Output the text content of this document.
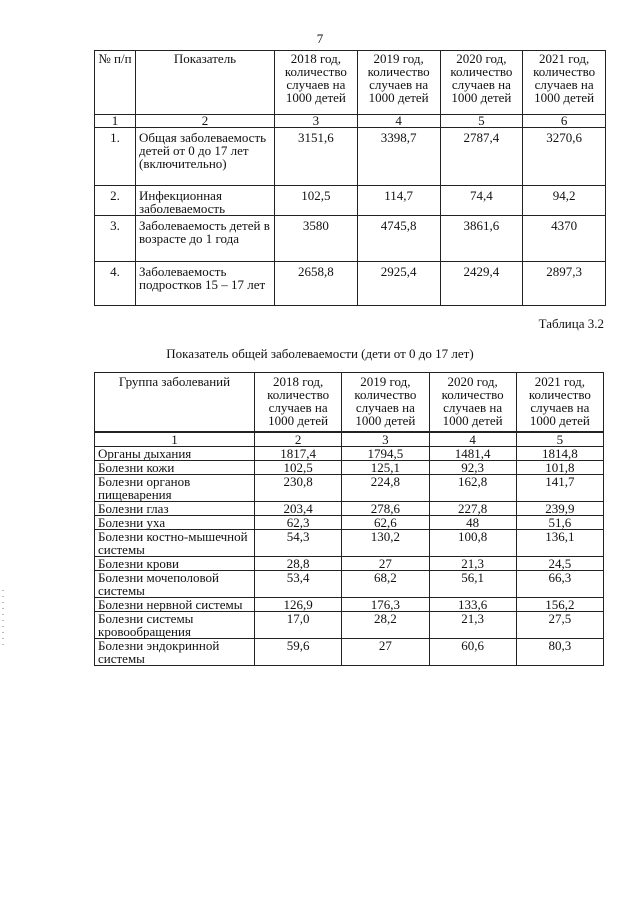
7
№ п/п	Показатель	2018 год, количество случаев на 1000 детей	2019 год, количество случаев на 1000 детей	2020 год, количество случаев на 1000 детей	2021 год, количество случаев на 1000 детей
1	2	3	4	5	6
1.	Общая заболеваемость детей от 0 до 17 лет (включительно)	3151,6	3398,7	2787,4	3270,6
2.	Инфекционная заболеваемость	102,5	114,7	74,4	94,2
3.	Заболеваемость детей в возрасте до 1 года	3580	4745,8	3861,6	4370
4.	Заболеваемость подростков 15 – 17 лет	2658,8	2925,4	2429,4	2897,3
Таблица 3.2
Показатель общей заболеваемости (дети от 0 до 17 лет)
Группа заболеваний	2018 год, количество случаев на 1000 детей	2019 год, количество случаев на 1000 детей	2020 год, количество случаев на 1000 детей	2021 год, количество случаев на 1000 детей
1	2	3	4	5
Органы дыхания	1817,4	1794,5	1481,4	1814,8
Болезни кожи	102,5	125,1	92,3	101,8
Болезни органов пищеварения	230,8	224,8	162,8	141,7
Болезни глаз	203,4	278,6	227,8	239,9
Болезни уха	62,3	62,6	48	51,6
Болезни костно-мышечной системы	54,3	130,2	100,8	136,1
Болезни крови	28,8	27	21,3	24,5
Болезни мочеполовой системы	53,4	68,2	56,1	66,3
Болезни нервной системы	126,9	176,3	133,6	156,2
Болезни системы кровообращения	17,0	28,2	21,3	27,5
Болезни эндокринной системы	59,6	27	60,6	80,3
